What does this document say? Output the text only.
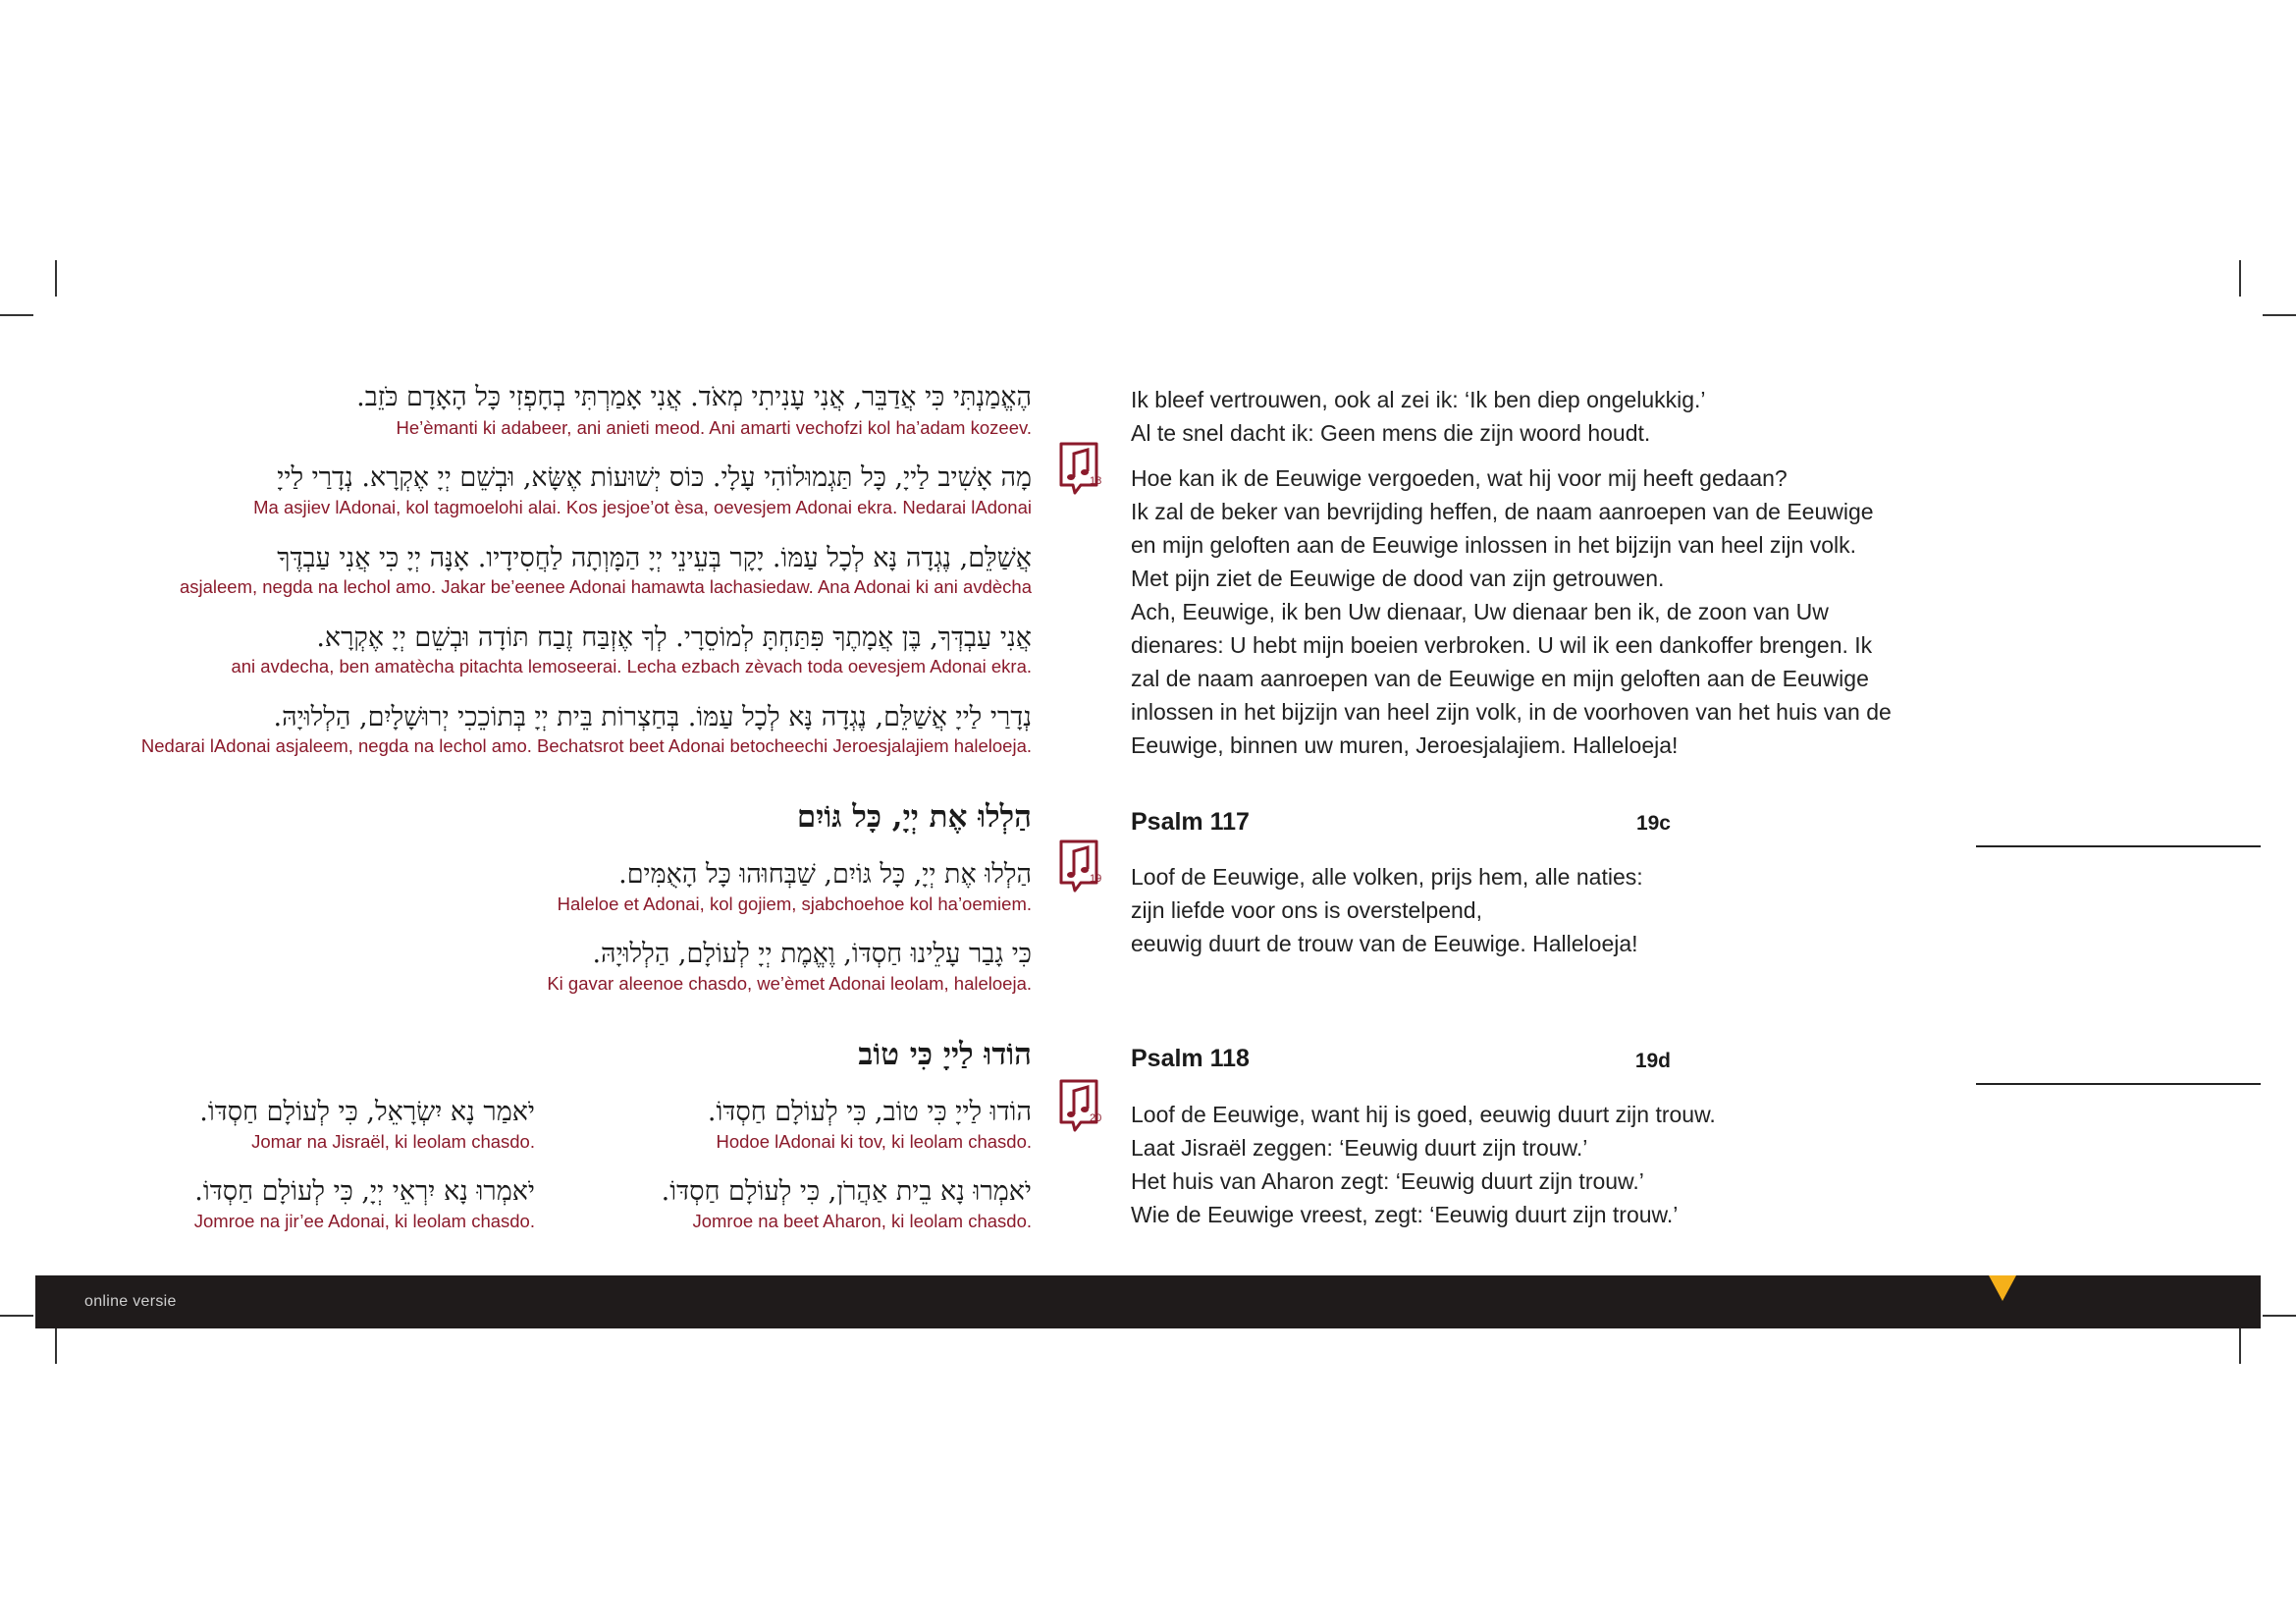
הֶאֱמַנְתִּי כִּי אֲדַבֵּר, אֲנִי עָנִיתִי מְאֹד. אֲנִי אָמַרְתִּי בְחָפְזִי כָּל הָאָדָם כֹּזֵב.
He’èmanti ki adabeer, ani anieti meod. Ani amarti vechofzi kol ha’adam kozeev.
מָה אָשִׁיב לַייָ, כָּל תַּגְמוּלוֹהִי עָלָי. כּוֹס יְשׁוּעוֹת אֶשָּׂא, וּבְשֵׁם יְיָ אֶקְרָא. נְדָרַי לַייָ
Ma asjiev lAdonai, kol tagmoelohi alai. Kos jesjoe’ot èsa, oevesjem Adonai ekra. Nedarai lAdonai
אֲשַׁלֵּם, נֶגְדָה נָּא לְכָל עַמּוֹ. יָקָר בְּעֵינֵי יְיָ הַמָּוְתָה לַחֲסִידָיו. אָנָּה יְיָ כִּי אֲנִי עַבְדֶּךָ
asjaleem, negda na lechol amo. Jakar be’eenee Adonai hamawta lachasiedaw. Ana Adonai ki ani avdècha
אֲנִי עַבְדְּךָ, בֶּן אֲמָתֶךָ פִּתַּחְתָּ לְמוֹסֵרָי. לְךָ אֶזְבַּח זֶבַח תּוֹדָה וּבְשֵׁם יְיָ אֶקְרָא.
ani avdecha, ben amatècha pitachta lemoseerai. Lecha ezbach zèvach toda oevesjem Adonai ekra.
נְדָרַי לַייָ אֲשַׁלֵּם, נֶגְדָה נָּא לְכָל עַמּוֹ. בְּחַצְרוֹת בֵּית יְיָ בְּתוֹכֵכִי יְרוּשָׁלָיִם, הַלְלוּיָהּ.
Nedarai lAdonai asjaleem, negda na lechol amo. Bechatsrot beet Adonai betocheechi Jeroesjalajiem haleloeja.
Ik bleef vertrouwen, ook al zei ik: ‘Ik ben diep ongelukkig.’
Al te snel dacht ik: Geen mens die zijn woord houdt.
Hoe kan ik de Eeuwige vergoeden, wat hij voor mij heeft gedaan?
Ik zal de beker van bevrijding heffen, de naam aanroepen van de Eeuwige
en mijn geloften aan de Eeuwige inlossen in het bijzijn van heel zijn volk.
Met pijn ziet de Eeuwige de dood van zijn getrouwen.
Ach, Eeuwige, ik ben Uw dienaar, Uw dienaar ben ik, de zoon van Uw
dienares: U hebt mijn boeien verbroken. U wil ik een dankoffer brengen. Ik
zal de naam aanroepen van de Eeuwige en mijn geloften aan de Eeuwige
inlossen in het bijzijn van heel zijn volk, in de voorhoven van het huis van de
Eeuwige, binnen uw muren, Jeroesjalajiem. Halleloeja!
18
19
20
הַלְלוּ אֶת יְיָ, כָּל גּוֹיִם	Psalm 117	19c
הַלְלוּ אֶת יְיָ, כָּל גּוֹיִם, שַׁבְּחוּהוּ כָּל הָאֻמִּים.
Haleloe et Adonai, kol gojiem, sjabchoehoe kol ha’oemiem.
כִּי גָבַר עָלֵינוּ חַסְדּוֹ, וֶאֱמֶת יְיָ לְעוֹלָם, הַלְלוּיָהּ.
Ki gavar aleenoe chasdo, we’èmet Adonai leolam, haleloeja.
Loof de Eeuwige, alle volken, prijs hem, alle naties:
zijn liefde voor ons is overstelpend,
eeuwig duurt de trouw van de Eeuwige. Halleloeja!
הוֹדוּ לַייָ כִּי טוֹב	Psalm 118	19d
הוֹדוּ לַייָ כִּי טוֹב, כִּי לְעוֹלָם חַסְדּוֹ.
Hodoe lAdonai ki tov, ki leolam chasdo.
יֹאמְרוּ נָא בֵית אַהֲרֹן, כִּי לְעוֹלָם חַסְדּוֹ.
Jomroe na beet Aharon, ki leolam chasdo.
יֹאמַר נָא יִשְׂרָאֵל, כִּי לְעוֹלָם חַסְדּוֹ.
Jomar na Jisraël, ki leolam chasdo.
יֹאמְרוּ נָא יִרְאֵי יְיָ, כִּי לְעוֹלָם חַסְדּוֹ.
Jomroe na jir’ee Adonai, ki leolam chasdo.
Loof de Eeuwige, want hij is goed, eeuwig duurt zijn trouw.
Laat Jisraël zeggen: ‘Eeuwig duurt zijn trouw.’
Het huis van Aharon zegt: ‘Eeuwig duurt zijn trouw.’
Wie de Eeuwige vreest, zegt: ‘Eeuwig duurt zijn trouw.’
online versie
